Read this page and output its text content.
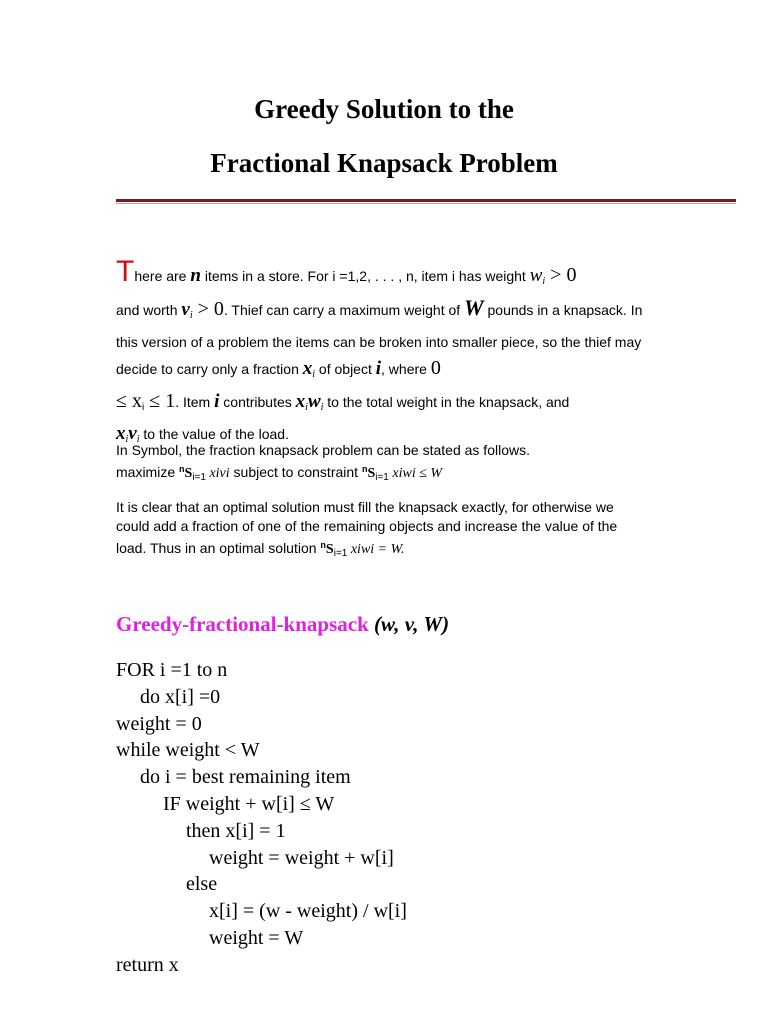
Greedy Solution to the
Fractional Knapsack Problem
There are n items in a store. For i =1,2, . . . , n, item i has weight $w_i > 0$
and worth $v_i > 0$. Thief can carry a maximum weight of W pounds in a knapsack. In this version of a problem the items can be broken into smaller piece, so the thief may decide to carry only a fraction $x_i$ of object i, where 0
≤ $x_i \le 1$. Item i contributes $x_iw_i$ to the total weight in the knapsack, and
$x_iv_i$ to the value of the load.
In Symbol, the fraction knapsack problem can be stated as follows.
maximize $^nS_{i=1}$ xivi subject to constraint $^nS_{i=1}$ xiwi ≤ W
It is clear that an optimal solution must fill the knapsack exactly, for otherwise we could add a fraction of one of the remaining objects and increase the value of the load. Thus in an optimal solution $^nS_{i=1}$ xiwi = W.
Greedy-fractional-knapsack (w, v, W)
FOR i =1 to n
do x[i] =0
weight = 0
while weight < W
do i = best remaining item
IF weight + w[i] ≤ W
then x[i] = 1
weight = weight + w[i]
else
x[i] = (w - weight) / w[i]
weight = W
return x
